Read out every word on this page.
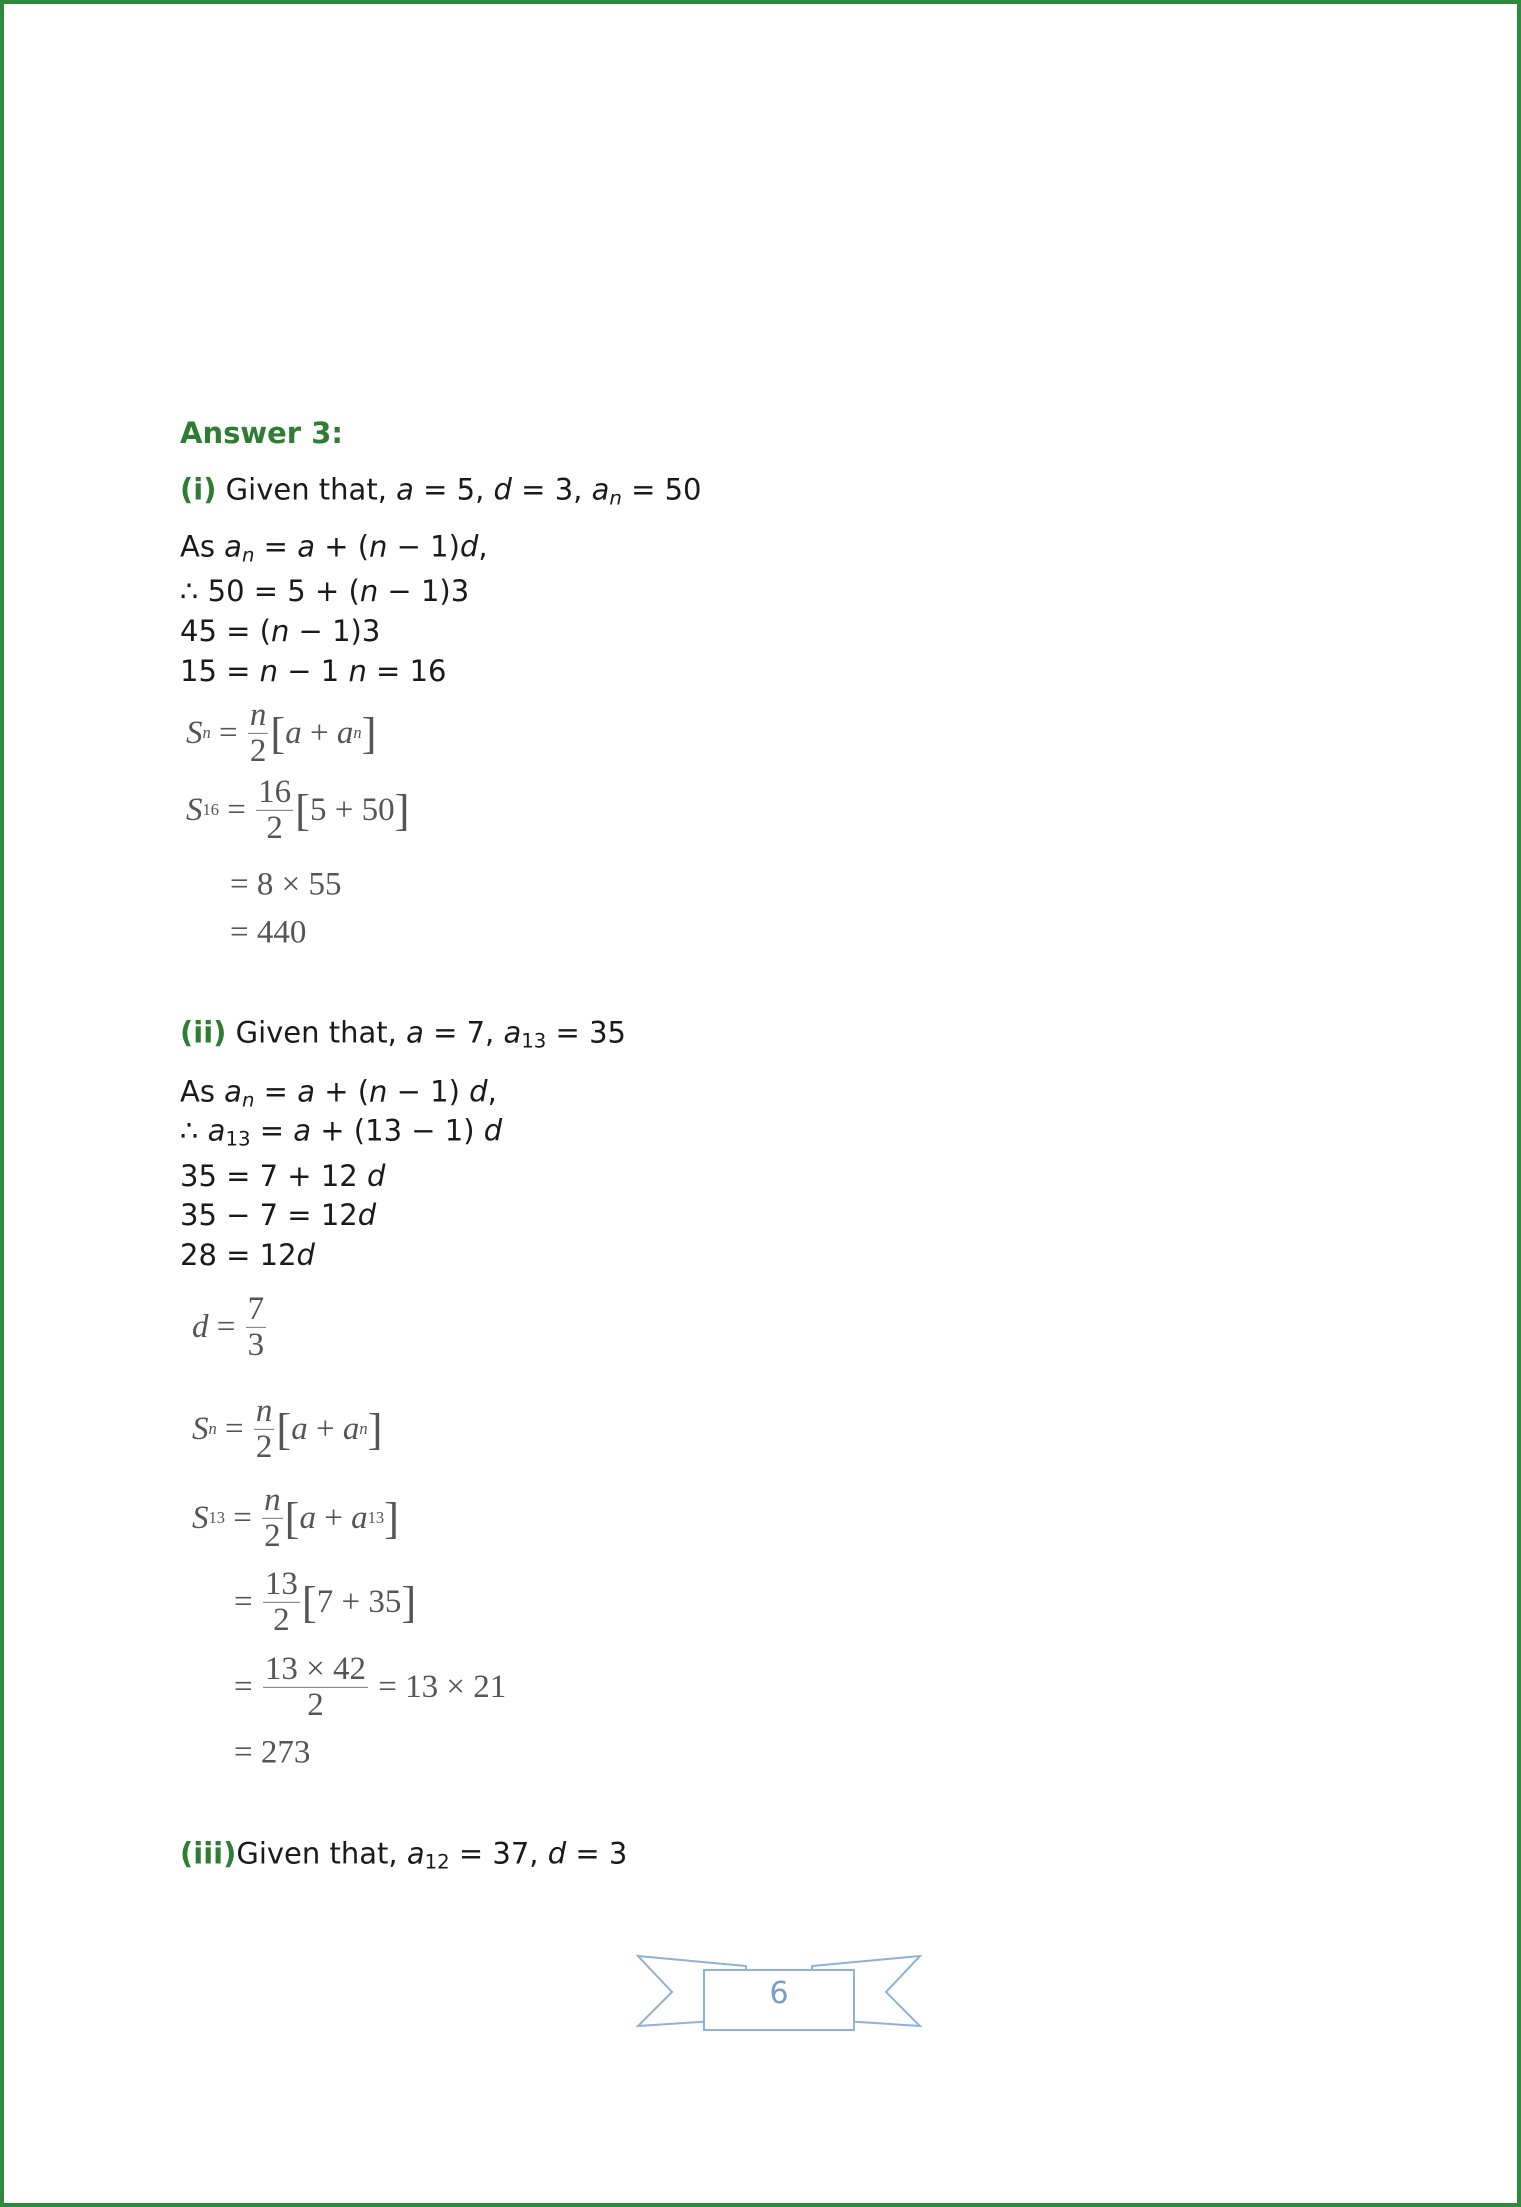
Answer 3:
(i) Given that, a = 5, d = 3, an = 50
As an = a + (n − 1)d,
∴ 50 = 5 + (n − 1)3
45 = (n − 1)3
15 = n − 1 n = 16
S $n = \frac{n}{2}$ [ a + a n ]
S $16 = \frac{16}{2}$ [ 5 + 50 ]
= 8 × 55
= 440
(ii) Given that, a = 7, a13 = 35
As an = a + (n − 1) d,
∴ a13 = a + (13 − 1) d
35 = 7 + 12 d
35 − 7 = 12d
28 = 12d
$d = \frac{7}{3}$
S $n = \frac{n}{2}$ [ a + a n ]
S $13 = \frac{n}{2}$ [ a + a 13 ]
= $\frac{13}{2}$ [ 7 + 35 ]
= $\frac{13 \times 42}{2} = 13 \times 21$
= 273
(iii)Given that, a12 = 37, d = 3
6
